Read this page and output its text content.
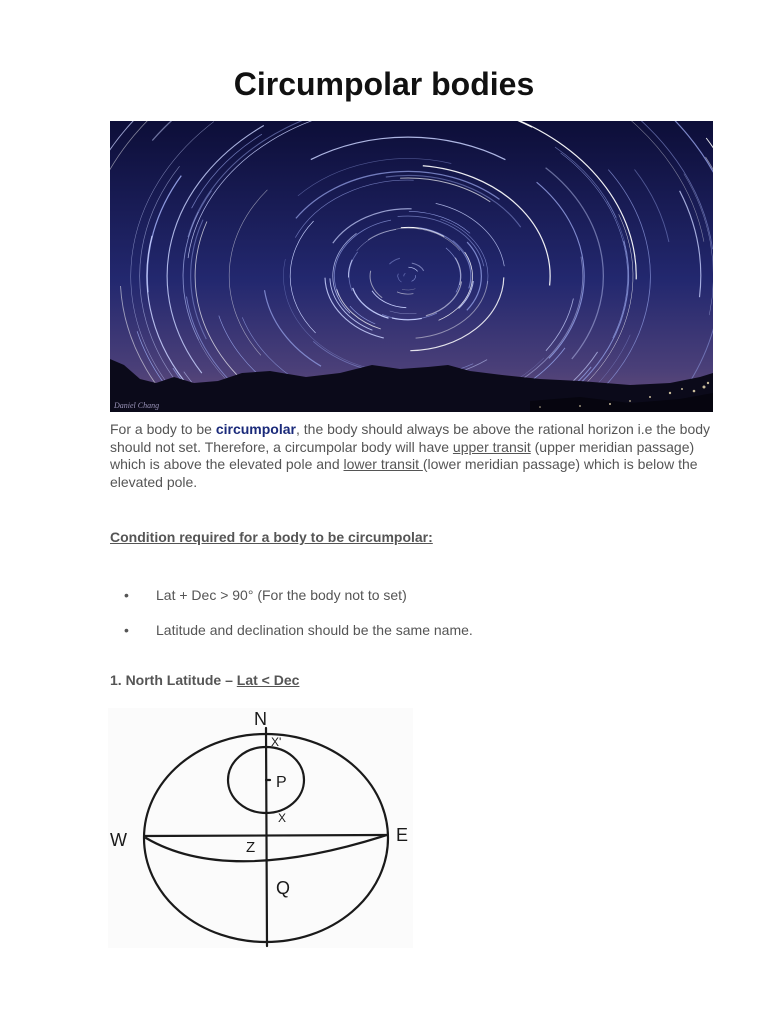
Circumpolar bodies
Daniel Chang

For a body to be circumpolar, the body should always be above the rational horizon i.e the body should not set. Therefore, a circumpolar body will have upper transit (upper meridian passage) which is above the elevated pole and lower transit (lower meridian passage) which is below the elevated pole.

Condition required for a body to be circumpolar:

• Lat + Dec > 90° (For the body not to set)
• Latitude and declination should be the same name.

1. North Latitude – Lat < Dec

N
E
W
P
Z
Q
X'
X
